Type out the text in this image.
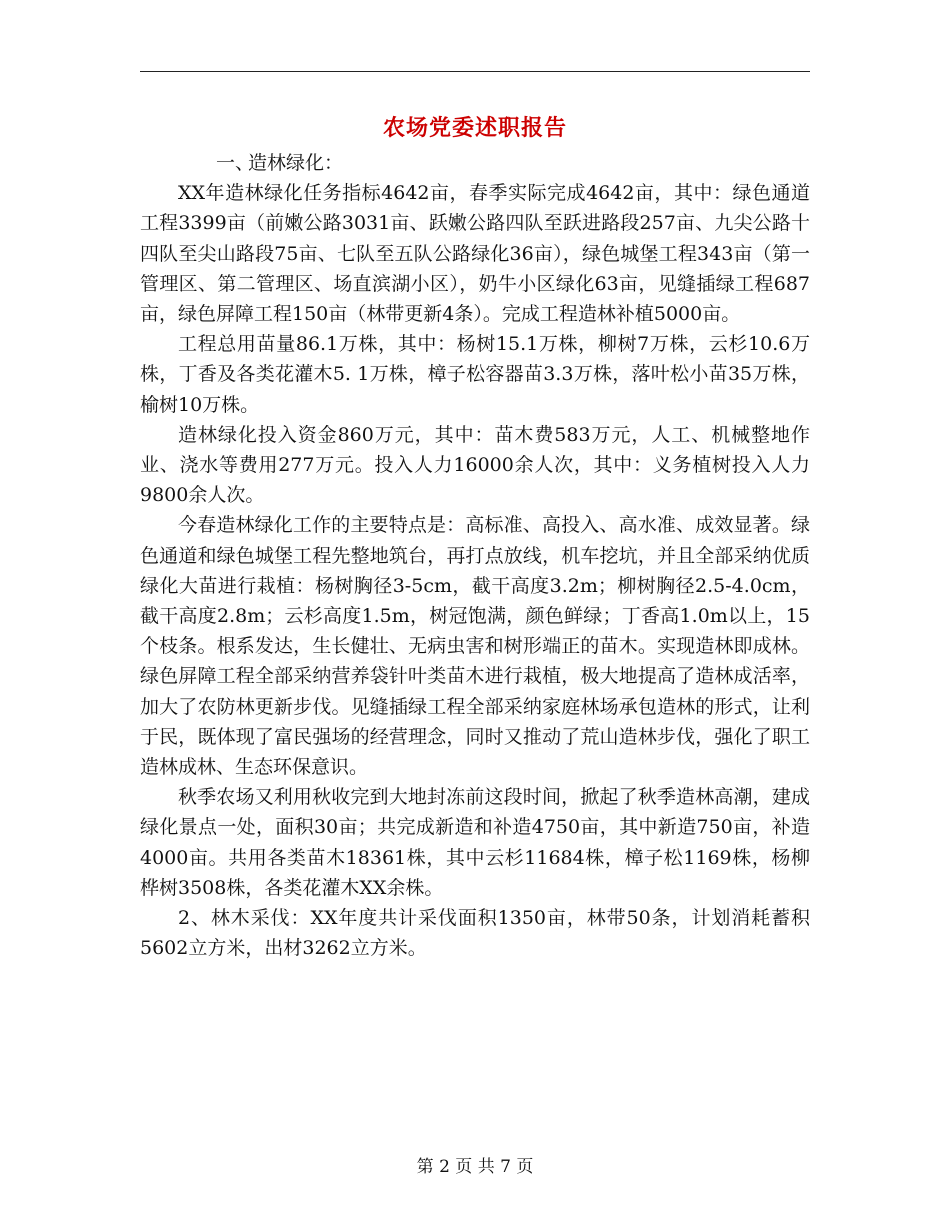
农场党委述职报告

一、造林绿化：

XX年造林绿化任务指标4642亩，春季实际完成4642亩，其中：绿色通道工程3399亩（前嫩公路3031亩、跃嫩公路四队至跃进路段257亩、九尖公路十四队至尖山路段75亩、七队至五队公路绿化36亩），绿色城堡工程343亩（第一管理区、第二管理区、场直滨湖小区），奶牛小区绿化63亩，见缝插绿工程687亩，绿色屏障工程150亩（林带更新4条）。完成工程造林补植5000亩。

工程总用苗量86.1万株，其中：杨树15.1万株，柳树7万株，云杉10.6万株，丁香及各类花灌木5. 1万株，樟子松容器苗3.3万株，落叶松小苗35万株，榆树10万株。

造林绿化投入资金860万元，其中：苗木费583万元，人工、机械整地作业、浇水等费用277万元。投入人力16000余人次，其中：义务植树投入人力9800余人次。

今春造林绿化工作的主要特点是：高标准、高投入、高水准、成效显著。绿色通道和绿色城堡工程先整地筑台，再打点放线，机车挖坑，并且全部采纳优质绿化大苗进行栽植：杨树胸径3-5cm，截干高度3.2m；柳树胸径2.5-4.0cm，截干高度2.8m；云杉高度1.5m，树冠饱满，颜色鲜绿；丁香高1.0m以上，15个枝条。根系发达，生长健壮、无病虫害和树形端正的苗木。实现造林即成林。绿色屏障工程全部采纳营养袋针叶类苗木进行栽植，极大地提高了造林成活率，加大了农防林更新步伐。见缝插绿工程全部采纳家庭林场承包造林的形式，让利于民，既体现了富民强场的经营理念，同时又推动了荒山造林步伐，强化了职工造林成林、生态环保意识。

秋季农场又利用秋收完到大地封冻前这段时间，掀起了秋季造林高潮，建成绿化景点一处，面积30亩；共完成新造和补造4750亩，其中新造750亩，补造4000亩。共用各类苗木18361株，其中云杉11684株，樟子松1169株，杨柳桦树3508株，各类花灌木XX余株。

2、林木采伐：XX年度共计采伐面积1350亩，林带50条，计划消耗蓄积5602立方米，出材3262立方米。

第 2 页 共 7 页
